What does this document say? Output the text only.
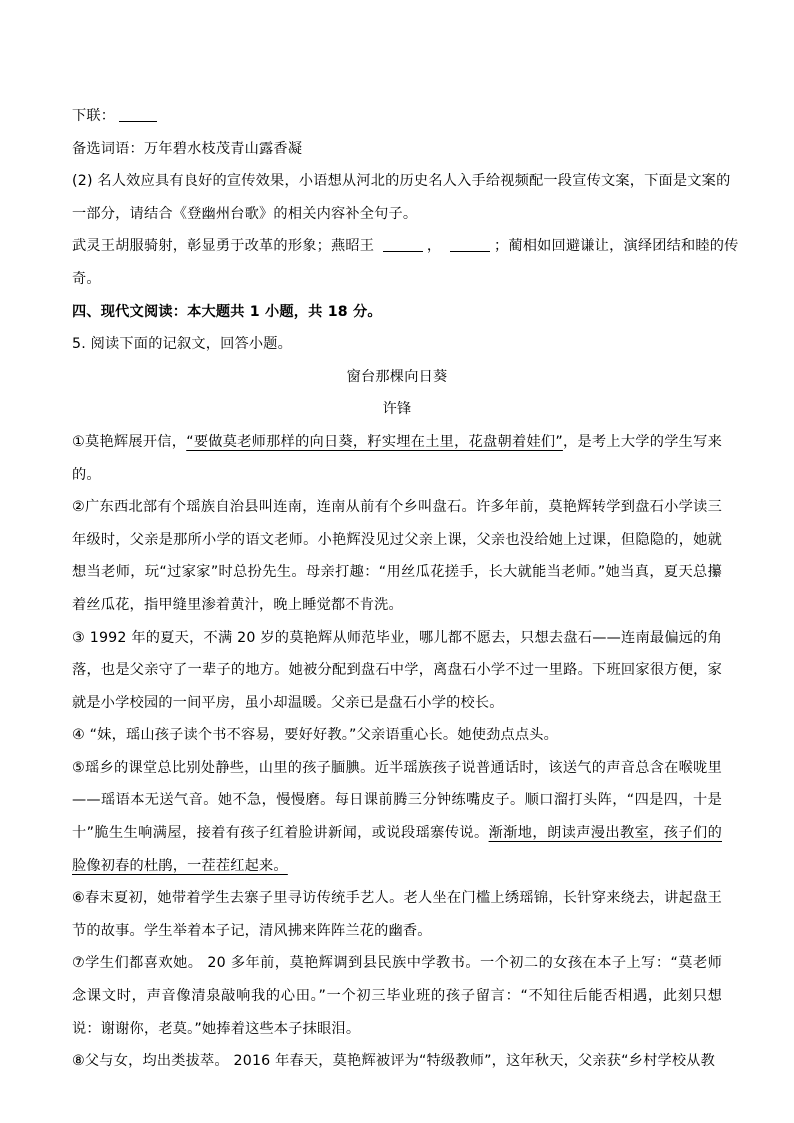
下联：
备选词语：万年碧水枝茂青山露香凝
(2) 名人效应具有良好的宣传效果，小语想从河北的历史名人入手给视频配一段宣传文案，下面是文案的
一部分，请结合《登幽州台歌》的相关内容补全句子。
武灵王胡服骑射，彰显勇于改革的形象；燕昭王	，	；蔺相如回避谦让，演绎团结和睦的传
奇。
四、现代文阅读：本大题共 1 小题，共 18 分。
5. 阅读下面的记叙文，回答小题。
窗台那棵向日葵
许锋
①莫艳辉展开信，“要做莫老师那样的向日葵，籽实埋在土里，花盘朝着娃们”，是考上大学的学生写来的。
②广东西北部有个瑶族自治县叫连南，连南从前有个乡叫盘石。许多年前，莫艳辉转学到盘石小学读三年级时，父亲是那所小学的语文老师。小艳辉没见过父亲上课，父亲也没给她上过课，但隐隐的，她就想当老师，玩“过家家”时总扮先生。母亲打趣：“用丝瓜花搓手，长大就能当老师。”她当真，夏天总攥着丝瓜花，指甲缝里渗着黄汁，晚上睡觉都不肯洗。
③ 1992 年的夏天，不满 20 岁的莫艳辉从师范毕业，哪儿都不愿去，只想去盘石——连南最偏远的角落，也是父亲守了一辈子的地方。她被分配到盘石中学，离盘石小学不过一里路。下班回家很方便，家就是小学校园的一间平房，虽小却温暖。父亲已是盘石小学的校长。
④ “妹，瑶山孩子读个书不容易，要好好教。”父亲语重心长。她使劲点点头。
⑤瑶乡的课堂总比别处静些，山里的孩子腼腆。近半瑶族孩子说普通话时，该送气的声音总含在喉咙里——瑶语本无送气音。她不急，慢慢磨。每日课前腾三分钟练嘴皮子。顺口溜打头阵，“四是四，十是十”脆生生响满屋，接着有孩子红着脸讲新闻，或说段瑶寨传说。渐渐地，朗读声漫出教室，孩子们的脸像初春的杜鹃，一茬茬红起来。
⑥春末夏初，她带着学生去寨子里寻访传统手艺人。老人坐在门槛上绣瑶锦，长针穿来绕去，讲起盘王节的故事。学生举着本子记，清风拂来阵阵兰花的幽香。
⑦学生们都喜欢她。 20 多年前，莫艳辉调到县民族中学教书。一个初二的女孩在本子上写：“莫老师念课文时，声音像清泉敲响我的心田。”一个初三毕业班的孩子留言：“不知往后能否相遇，此刻只想说：谢谢你，老莫。”她捧着这些本子抹眼泪。
⑧父与女，均出类拔萃。 2016 年春天，莫艳辉被评为“特级教师”，这年秋天，父亲获“乡村学校从教
